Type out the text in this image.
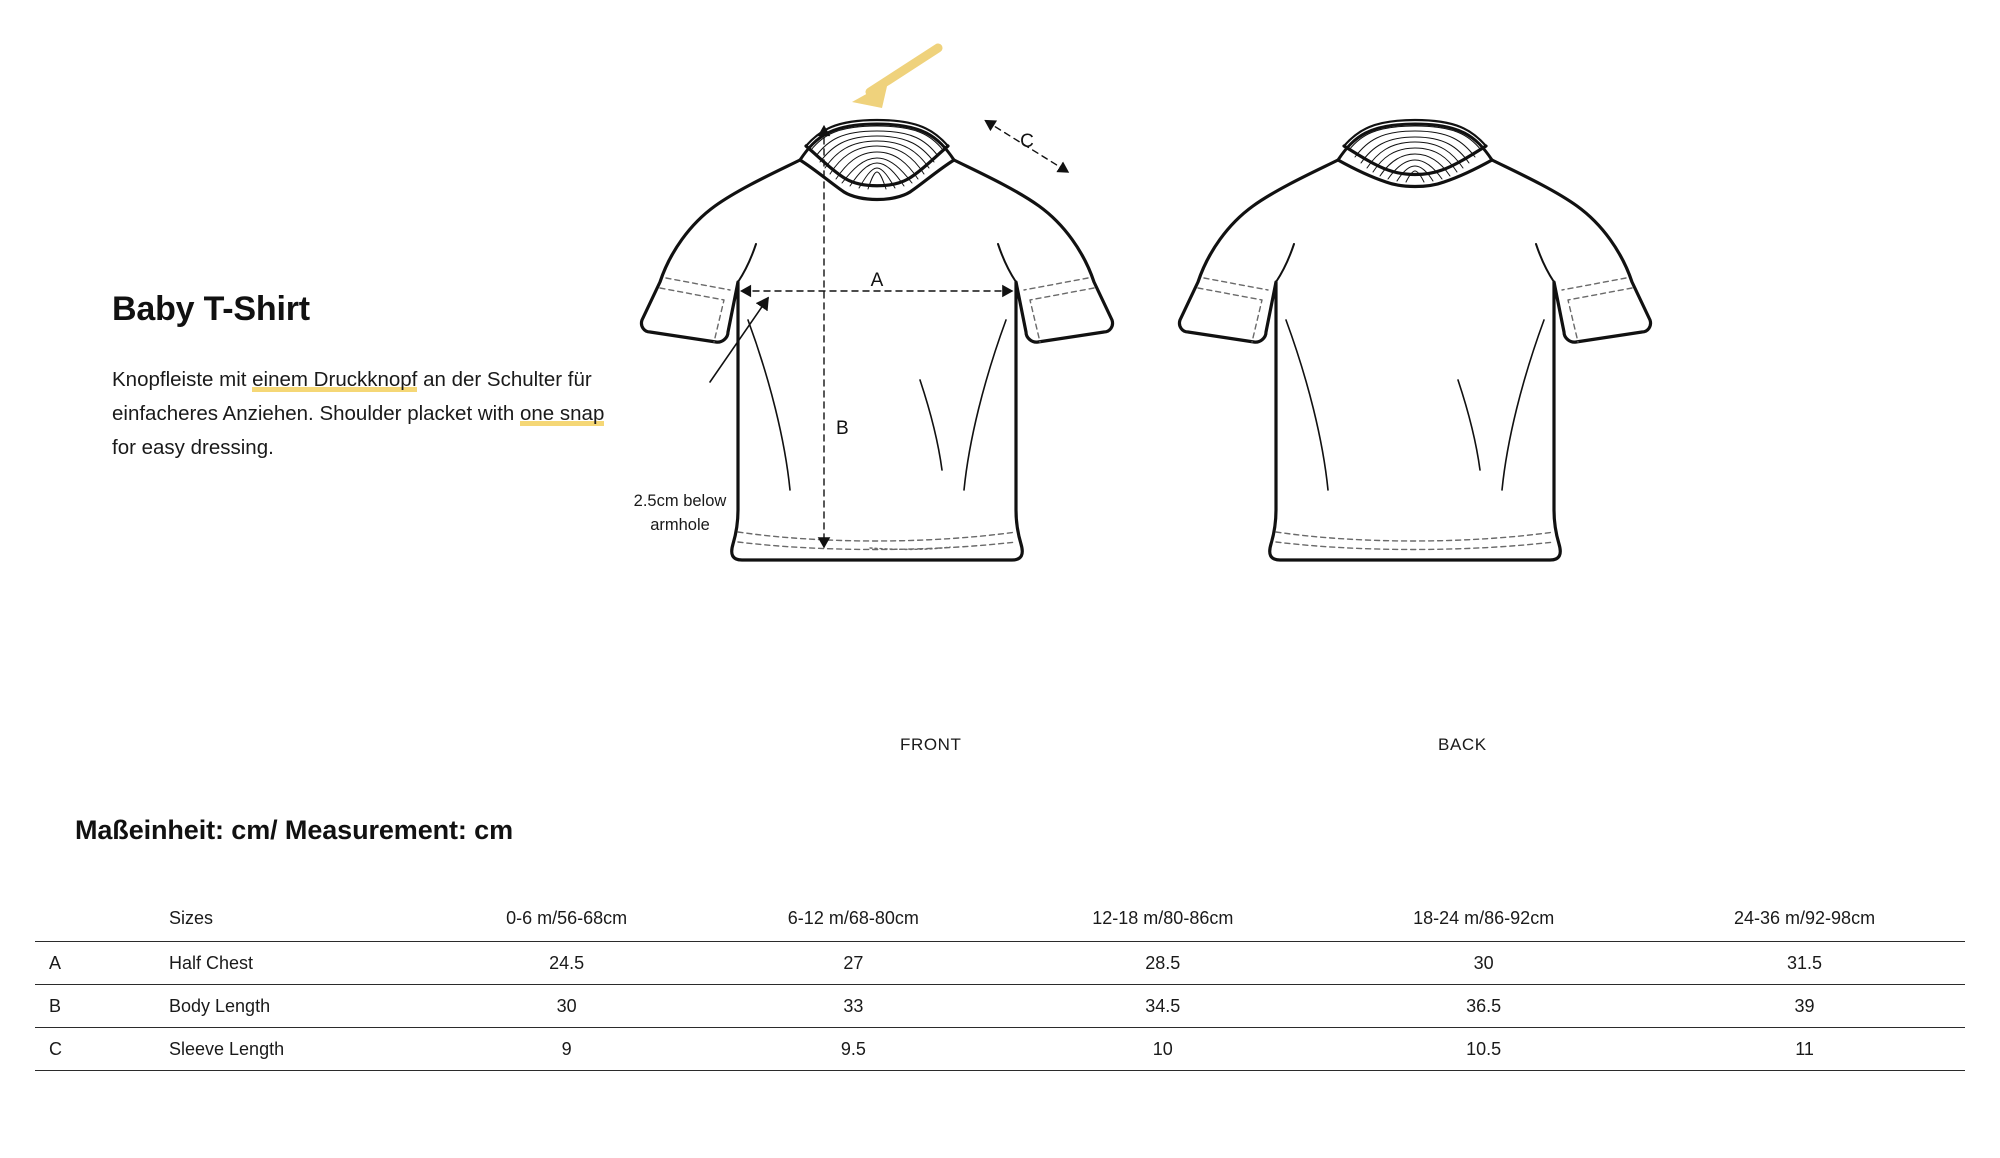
Baby T-Shirt

Knopfleiste mit einem Druckknopf an der Schulter für einfacheres Anziehen. Shoulder placket with one snap for easy dressing.

A
B
C
FRONT	BACK
2.5cm below
armhole
Maßeinheit: cm/ Measurement: cm
	Sizes	0-6 m/56-68cm	6-12 m/68-80cm	12-18 m/80-86cm	18-24 m/86-92cm	24-36 m/92-98cm
A	Half Chest	24.5	27	28.5	30	31.5
B	Body Length	30	33	34.5	36.5	39
C	Sleeve Length	9	9.5	10	10.5	11
